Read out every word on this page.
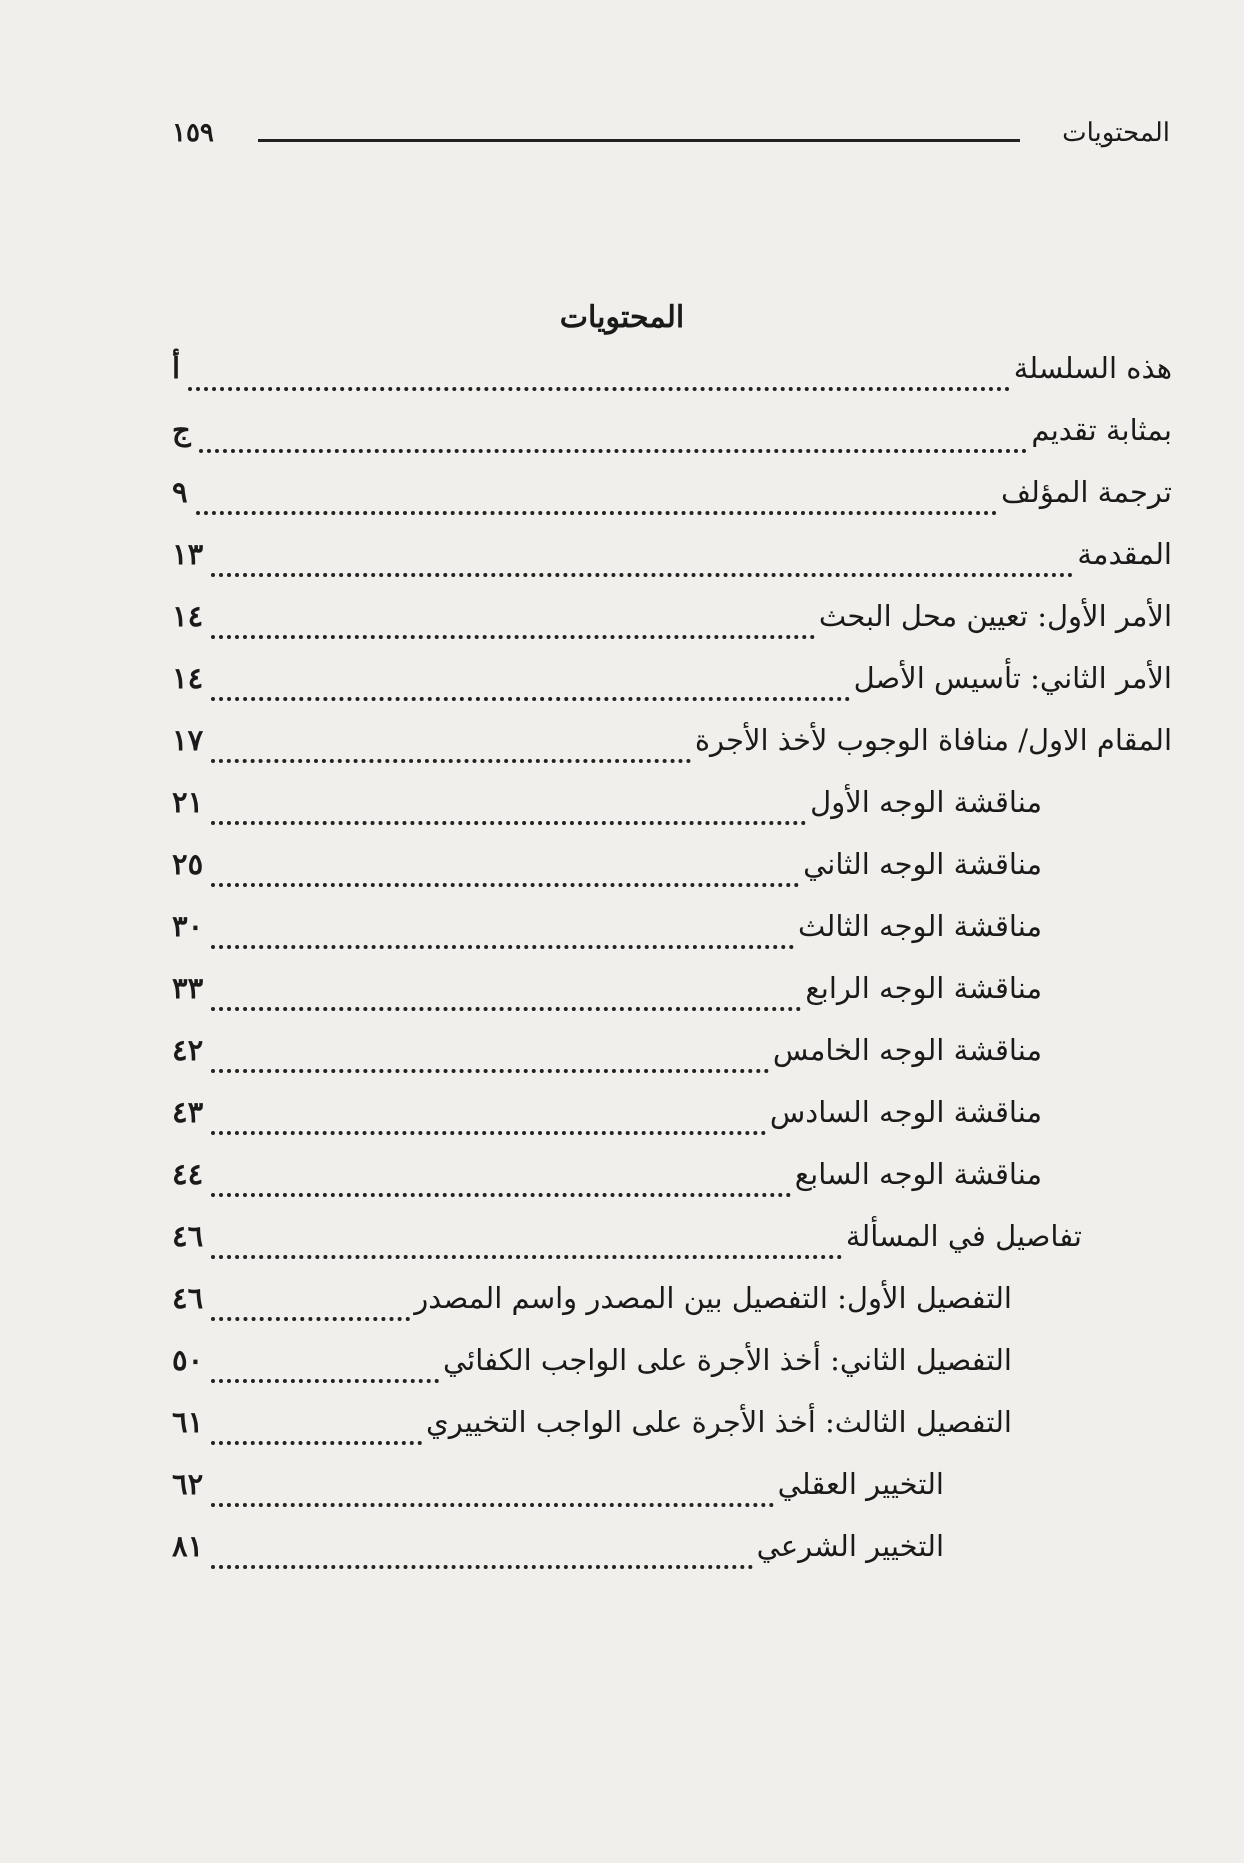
١٥٩	المحتويات
المحتويات
أ	هذه السلسلة
ج	بمثابة تقديم
٩	ترجمة المؤلف
١٣	المقدمة
١٤	الأمر الأول: تعيين محل البحث
١٤	الأمر الثاني: تأسيس الأصل
١٧	المقام الاول/ منافاة الوجوب لأخذ الأجرة
٢١	مناقشة الوجه الأول
٢٥	مناقشة الوجه الثاني
٣٠	مناقشة الوجه الثالث
٣٣	مناقشة الوجه الرابع
٤٢	مناقشة الوجه الخامس
٤٣	مناقشة الوجه السادس
٤٤	مناقشة الوجه السابع
٤٦	تفاصيل في المسألة
٤٦	التفصيل الأول: التفصيل بين المصدر واسم المصدر
٥٠	التفصيل الثاني: أخذ الأجرة على الواجب الكفائي
٦١	التفصيل الثالث: أخذ الأجرة على الواجب التخييري
٦٢	التخيير العقلي
٨١	التخيير الشرعي
